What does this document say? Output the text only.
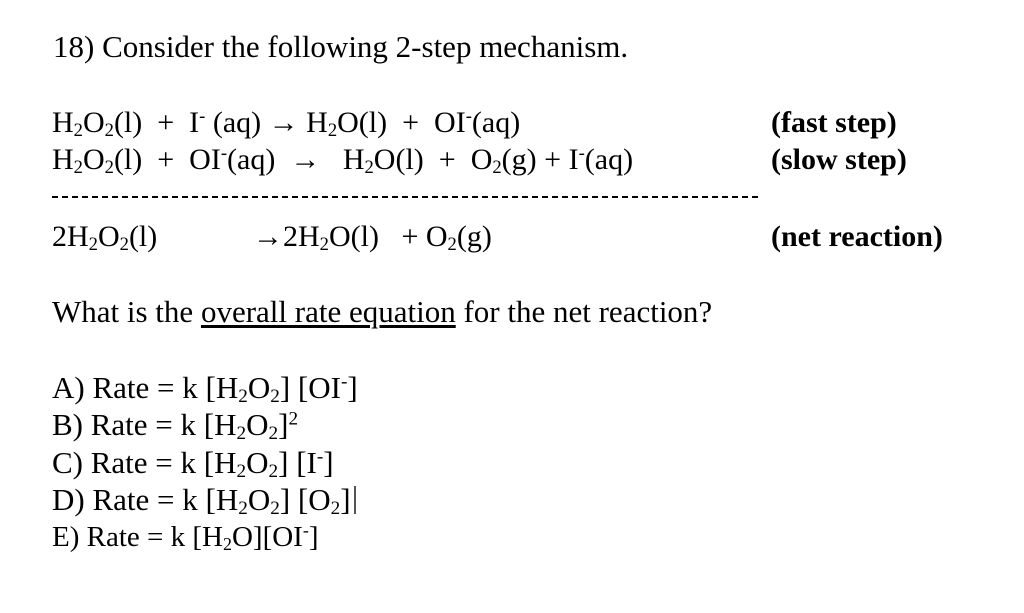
18) Consider the following 2-step mechanism.
$H_2O_2(l) + I^-$ $(aq) \to H_2O(l) + OI^-(aq)$	(fast step)
$H_2O_2(l) + OI^-(aq) \to H_2O(l) + O_2(g) + I^-(aq)$	(slow step)
$2H_2O_2(l)$	$\to 2H_2O(l) + O_2(g)$	(net reaction)
What is the overall rate equation for the net reaction?
A) Rate = k $[H_2O_2]$ [OI-]
B) Rate = k $[H_2O_2]^2$
C) Rate = k $[H_2O_2]$ [I-]
D) Rate = k $[H_2O_2]$ $[O_2]$
E) Rate = k $[H_2O][OI^-]$
